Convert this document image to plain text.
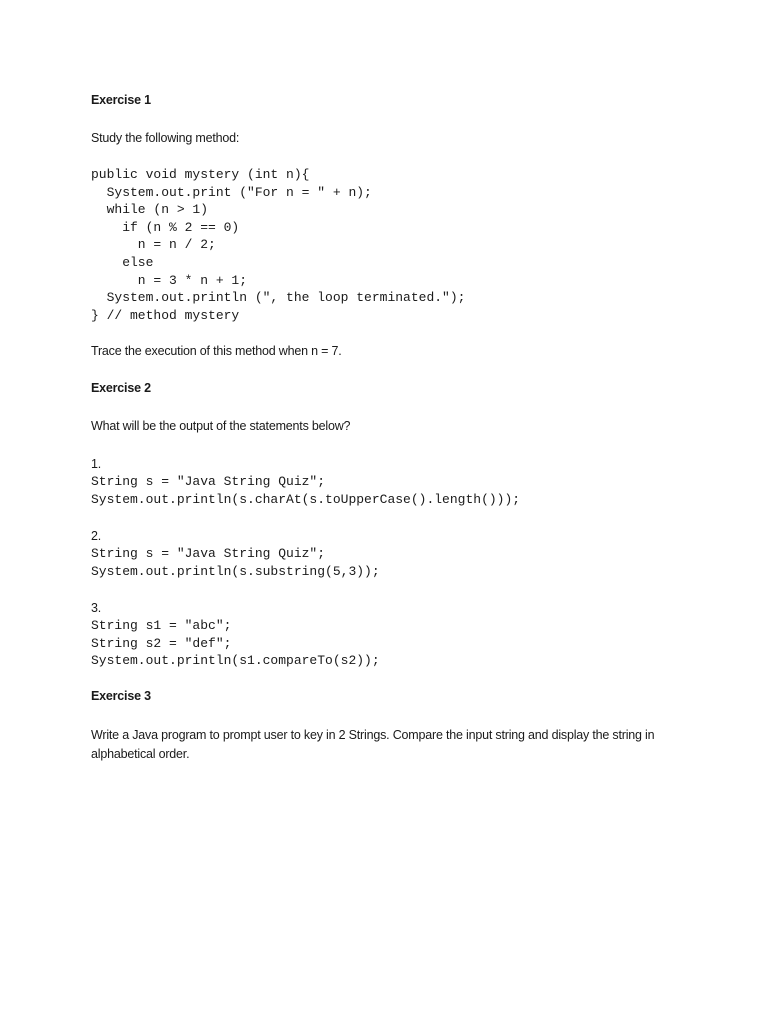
Exercise 1
Study the following method:
public void mystery (int n){
System.out.print ("For n = " + n);
while (n > 1)
if (n % 2 == 0)
n = n / 2;
else
n = 3 * n + 1;
System.out.println (", the loop terminated.");
} // method mystery
Trace the execution of this method when n = 7.
Exercise 2
What will be the output of the statements below?
1.
String s = "Java String Quiz";
System.out.println(s.charAt(s.toUpperCase().length()));
2.
String s = "Java String Quiz";
System.out.println(s.substring(5,3));
3.
String s1 = "abc";
String s2 = "def";
System.out.println(s1.compareTo(s2));
Exercise 3
Write a Java program to prompt user to key in 2 Strings. Compare the input string and display the string in alphabetical order.
